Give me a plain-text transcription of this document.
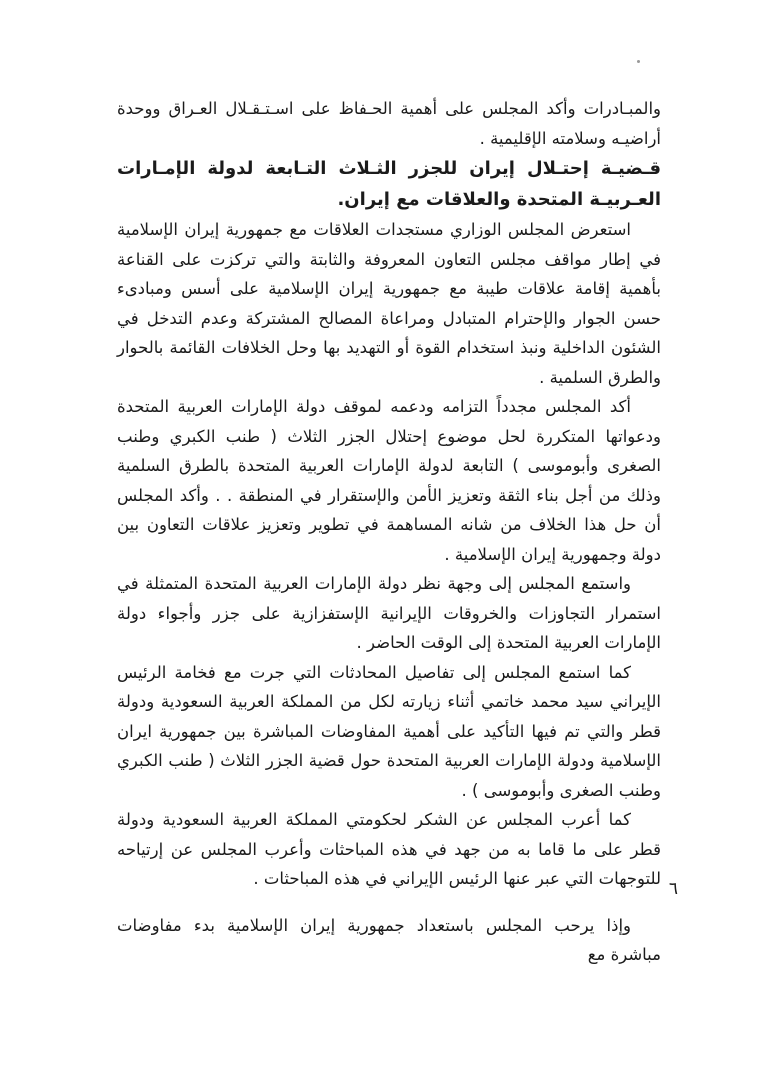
والمبـادرات وأكد المجلس على أهمية الحـفاظ على اسـتـقـلال العـراق ووحدة أراضيـه وسلامته الإقليمية .

قـضيـة إحتـلال إيران للجزر الثـلاث التـابعة لدولة الإمـارات العـربيـة المتحدة والعلاقات مع إيران.

استعرض المجلس الوزاري مستجدات العلاقات مع جمهورية إيران الإسلامية في إطار مواقف مجلس التعاون المعروفة والثابتة والتي تركزت على القناعة بأهمية إقامة علاقات طيبة مع جمهورية إيران الإسلامية على أسس ومبادىء حسن الجوار والإحترام المتبادل ومراعاة المصالح المشتركة وعدم التدخل في الشئون الداخلية ونبذ استخدام القوة أو التهديد بها وحل الخلافات القائمة بالحوار والطرق السلمية .

أكد المجلس مجدداً التزامه ودعمه لموقف دولة الإمارات العربية المتحدة ودعواتها المتكررة لحل موضوع إحتلال الجزر الثلاث ( طنب الكبري وطنب الصغرى وأبوموسى ) التابعة لدولة الإمارات العربية المتحدة بالطرق السلمية وذلك من أجل بناء الثقة وتعزيز الأمن والإستقرار في المنطقة . . وأكد المجلس أن حل هذا الخلاف من شانه المساهمة في تطوير وتعزيز علاقات التعاون بين دولة وجمهورية إيران الإسلامية .

واستمع المجلس إلى وجهة نظر دولة الإمارات العربية المتحدة المتمثلة في استمرار التجاوزات والخروقات الإيرانية الإستفزازية على جزر وأجواء دولة الإمارات العربية المتحدة إلى الوقت الحاضر .

كما استمع المجلس إلى تفاصيل المحادثات التي جرت مع فخامة الرئيس الإيراني سيد محمد خاتمي أثناء زيارته لكل من المملكة العربية السعودية ودولة قطر والتي تم فيها التأكيد على أهمية المفاوضات المباشرة بين جمهورية ايران الإسلامية ودولة الإمارات العربية المتحدة حول قضية الجزر الثلاث ( طنب الكبري وطنب الصغرى وأبوموسى ) .

كما أعرب المجلس عن الشكر لحكومتي المملكة العربية السعودية ودولة قطر على ما قاما به من جهد في هذه المباحثات وأعرب المجلس عن إرتياحه للتوجهات التي عبر عنها الرئيس الإيراني في هذه المباحثات .

وإذا يرحب المجلس باستعداد جمهورية إيران الإسلامية بدء مفاوضات مباشرة مع

٦
